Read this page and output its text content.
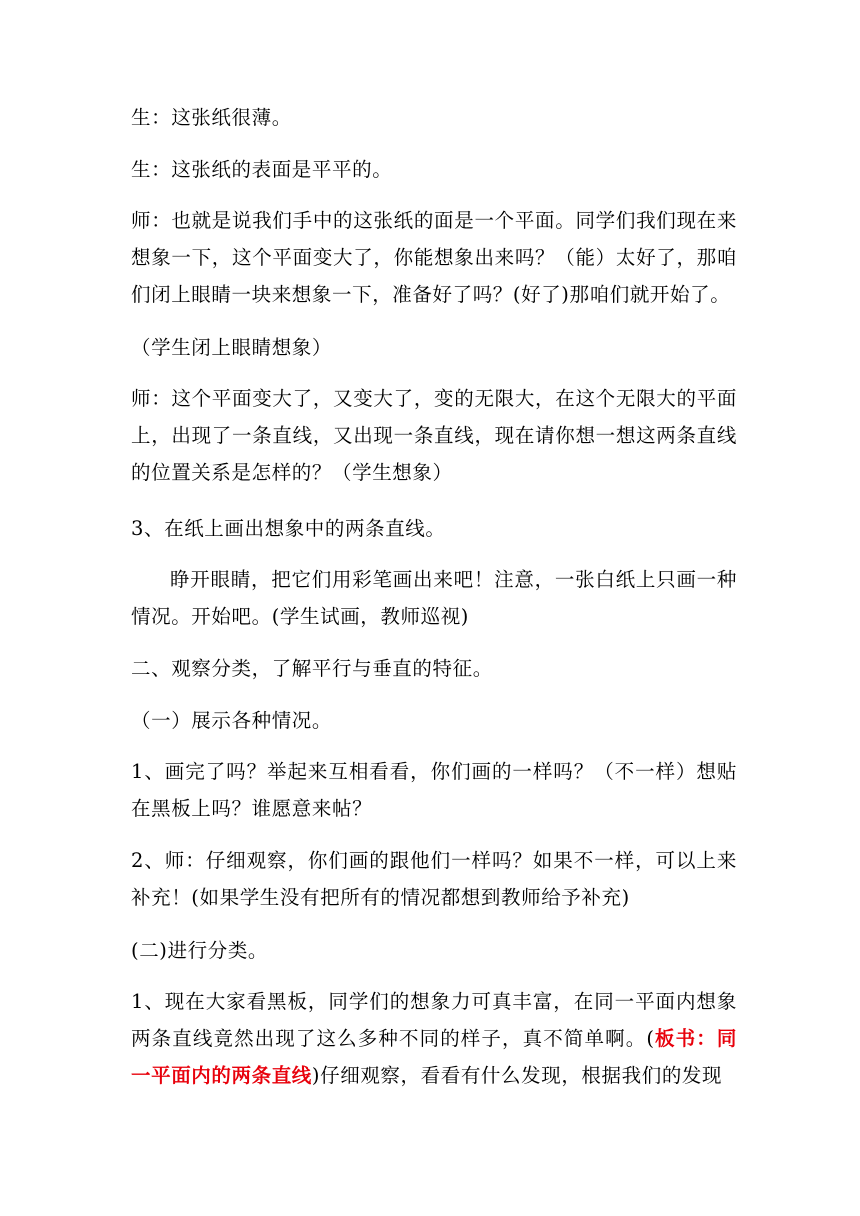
生：这张纸很薄。
生：这张纸的表面是平平的。
师：也就是说我们手中的这张纸的面是一个平面。同学们我们现在来想象一下，这个平面变大了，你能想象出来吗？（能）太好了，那咱们闭上眼睛一块来想象一下，准备好了吗？(好了)那咱们就开始了。
（学生闭上眼睛想象）
师：这个平面变大了，又变大了，变的无限大，在这个无限大的平面上，出现了一条直线，又出现一条直线，现在请你想一想这两条直线的位置关系是怎样的？（学生想象）
3、在纸上画出想象中的两条直线。
睁开眼睛，把它们用彩笔画出来吧！注意，一张白纸上只画一种情况。开始吧。(学生试画，教师巡视)
二、观察分类，了解平行与垂直的特征。
（一）展示各种情况。
1、画完了吗？举起来互相看看，你们画的一样吗？（不一样）想贴在黑板上吗？谁愿意来帖？
2、师：仔细观察，你们画的跟他们一样吗？如果不一样，可以上来补充！(如果学生没有把所有的情况都想到教师给予补充)
(二)进行分类。
1、现在大家看黑板，同学们的想象力可真丰富，在同一平面内想象两条直线竟然出现了这么多种不同的样子，真不简单啊。(板书：同一平面内的两条直线)仔细观察，看看有什么发现，根据我们的发现
